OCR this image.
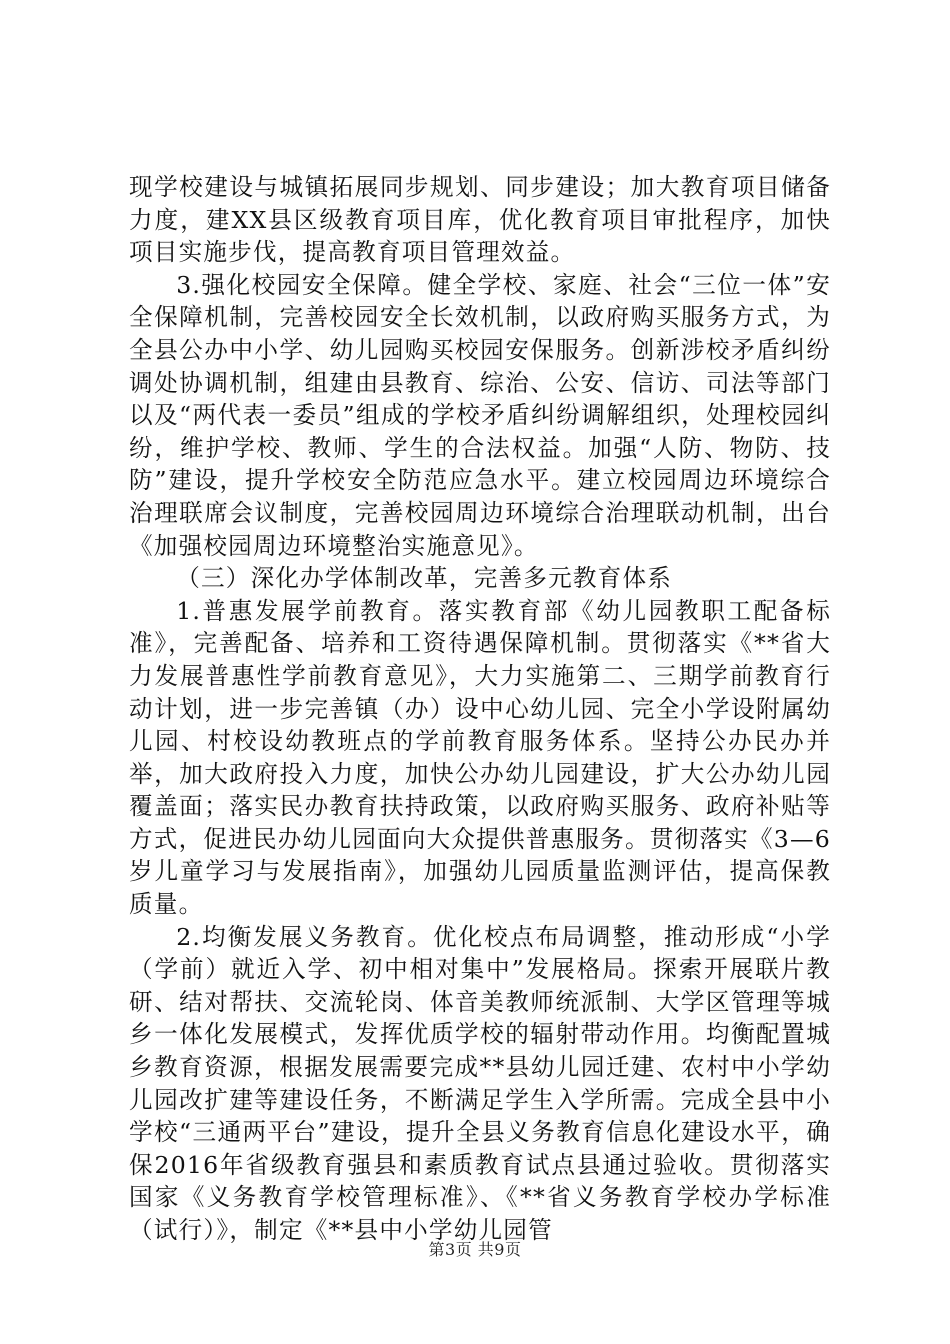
现学校建设与城镇拓展同步规划、同步建设；加大教育项目储备力度，建XX县区级教育项目库，优化教育项目审批程序，加快项目实施步伐，提高教育项目管理效益。

3.强化校园安全保障。健全学校、家庭、社会“三位一体”安全保障机制，完善校园安全长效机制，以政府购买服务方式，为全县公办中小学、幼儿园购买校园安保服务。创新涉校矛盾纠纷调处协调机制，组建由县教育、综治、公安、信访、司法等部门以及“两代表一委员”组成的学校矛盾纠纷调解组织，处理校园纠纷，维护学校、教师、学生的合法权益。加强“人防、物防、技防”建设，提升学校安全防范应急水平。建立校园周边环境综合治理联席会议制度，完善校园周边环境综合治理联动机制，出台《加强校园周边环境整治实施意见》。

（三）深化办学体制改革，完善多元教育体系

1.普惠发展学前教育。落实教育部《幼儿园教职工配备标准》，完善配备、培养和工资待遇保障机制。贯彻落实《**省大力发展普惠性学前教育意见》，大力实施第二、三期学前教育行动计划，进一步完善镇（办）设中心幼儿园、完全小学设附属幼儿园、村校设幼教班点的学前教育服务体系。坚持公办民办并举，加大政府投入力度，加快公办幼儿园建设，扩大公办幼儿园覆盖面；落实民办教育扶持政策，以政府购买服务、政府补贴等方式，促进民办幼儿园面向大众提供普惠服务。贯彻落实《3—6岁儿童学习与发展指南》，加强幼儿园质量监测评估，提高保教质量。

2.均衡发展义务教育。优化校点布局调整，推动形成“小学（学前）就近入学、初中相对集中”发展格局。探索开展联片教研、结对帮扶、交流轮岗、体音美教师统派制、大学区管理等城乡一体化发展模式，发挥优质学校的辐射带动作用。均衡配置城乡教育资源，根据发展需要完成**县幼儿园迁建、农村中小学幼儿园改扩建等建设任务，不断满足学生入学所需。完成全县中小学校“三通两平台”建设，提升全县义务教育信息化建设水平，确保2016年省级教育强县和素质教育试点县通过验收。贯彻落实国家《义务教育学校管理标准》、《**省义务教育学校办学标准（试行）》，制定《**县中小学幼儿园管

第3页 共9页
